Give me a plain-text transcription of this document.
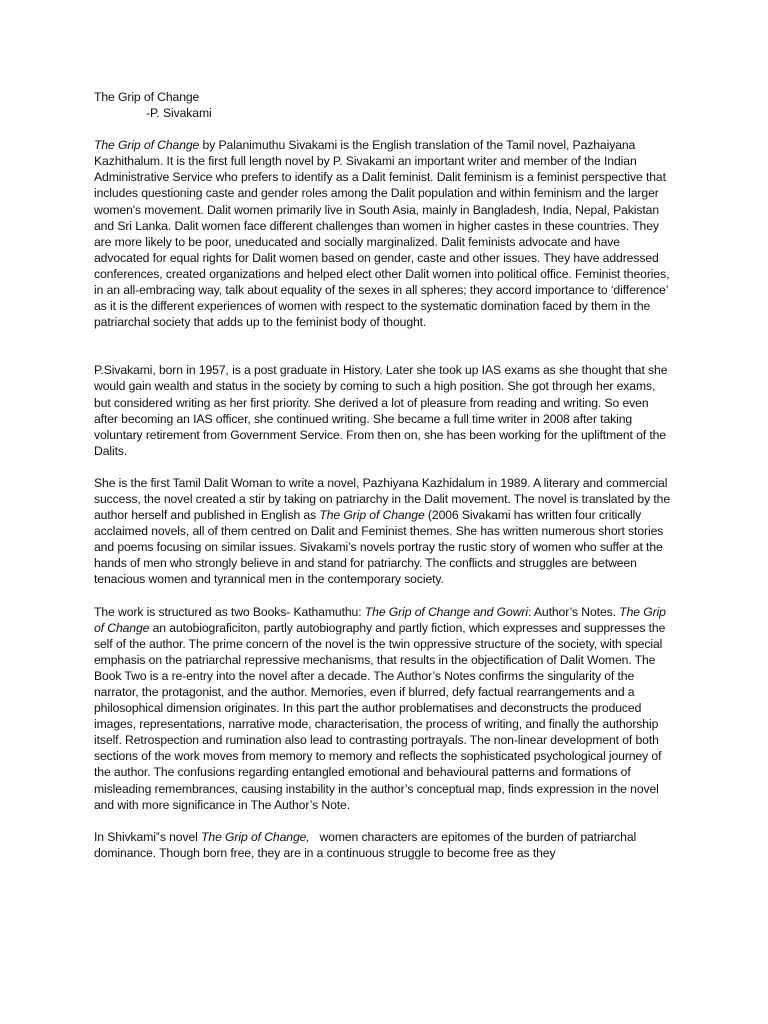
The Grip of Change
-P. Sivakami

The Grip of Change by Palanimuthu Sivakami is the English translation of the Tamil novel, Pazhaiyana Kazhithalum. It is the first full length novel by P. Sivakami an important writer and member of the Indian Administrative Service who prefers to identify as a Dalit feminist. Dalit feminism is a feminist perspective that includes questioning caste and gender roles among the Dalit population and within feminism and the larger women's movement. Dalit women primarily live in South Asia, mainly in Bangladesh, India, Nepal, Pakistan and Sri Lanka. Dalit women face different challenges than women in higher castes in these countries. They are more likely to be poor, uneducated and socially marginalized. Dalit feminists advocate and have advocated for equal rights for Dalit women based on gender, caste and other issues. They have addressed conferences, created organizations and helped elect other Dalit women into political office. Feminist theories, in an all-embracing way, talk about equality of the sexes in all spheres; they accord importance to ‘difference’ as it is the different experiences of women with respect to the systematic domination faced by them in the patriarchal society that adds up to the feminist body of thought.

P.Sivakami, born in 1957, is a post graduate in History. Later she took up IAS exams as she thought that she would gain wealth and status in the society by coming to such a high position. She got through her exams, but considered writing as her first priority. She derived a lot of pleasure from reading and writing. So even after becoming an IAS officer, she continued writing. She became a full time writer in 2008 after taking voluntary retirement from Government Service. From then on, she has been working for the upliftment of the Dalits.

She is the first Tamil Dalit Woman to write a novel, Pazhiyana Kazhidalum in 1989. A literary and commercial success, the novel created a stir by taking on patriarchy in the Dalit movement. The novel is translated by the author herself and published in English as The Grip of Change (2006 Sivakami has written four critically acclaimed novels, all of them centred on Dalit and Feminist themes. She has written numerous short stories and poems focusing on similar issues. Sivakami’s novels portray the rustic story of women who suffer at the hands of men who strongly believe in and stand for patriarchy. The conflicts and struggles are between tenacious women and tyrannical men in the contemporary society.

The work is structured as two Books- Kathamuthu: The Grip of Change and Gowri: Author’s Notes. The Grip of Change an autobiograficiton, partly autobiography and partly fiction, which expresses and suppresses the self of the author. The prime concern of the novel is the twin oppressive structure of the society, with special emphasis on the patriarchal repressive mechanisms, that results in the objectification of Dalit Women. The Book Two is a re-entry into the novel after a decade. The Author’s Notes confirms the singularity of the narrator, the protagonist, and the author. Memories, even if blurred, defy factual rearrangements and a philosophical dimension originates. In this part the author problematises and deconstructs the produced images, representations, narrative mode, characterisation, the process of writing, and finally the authorship itself. Retrospection and rumination also lead to contrasting portrayals. The non-linear development of both sections of the work moves from memory to memory and reflects the sophisticated psychological journey of the author. The confusions regarding entangled emotional and behavioural patterns and formations of misleading remembrances, causing instability in the author’s conceptual map, finds expression in the novel and with more significance in The Author’s Note.

In Shivkami‟s novel The Grip of Change,   women characters are epitomes of the burden of patriarchal dominance. Though born free, they are in a continuous struggle to become free as they
